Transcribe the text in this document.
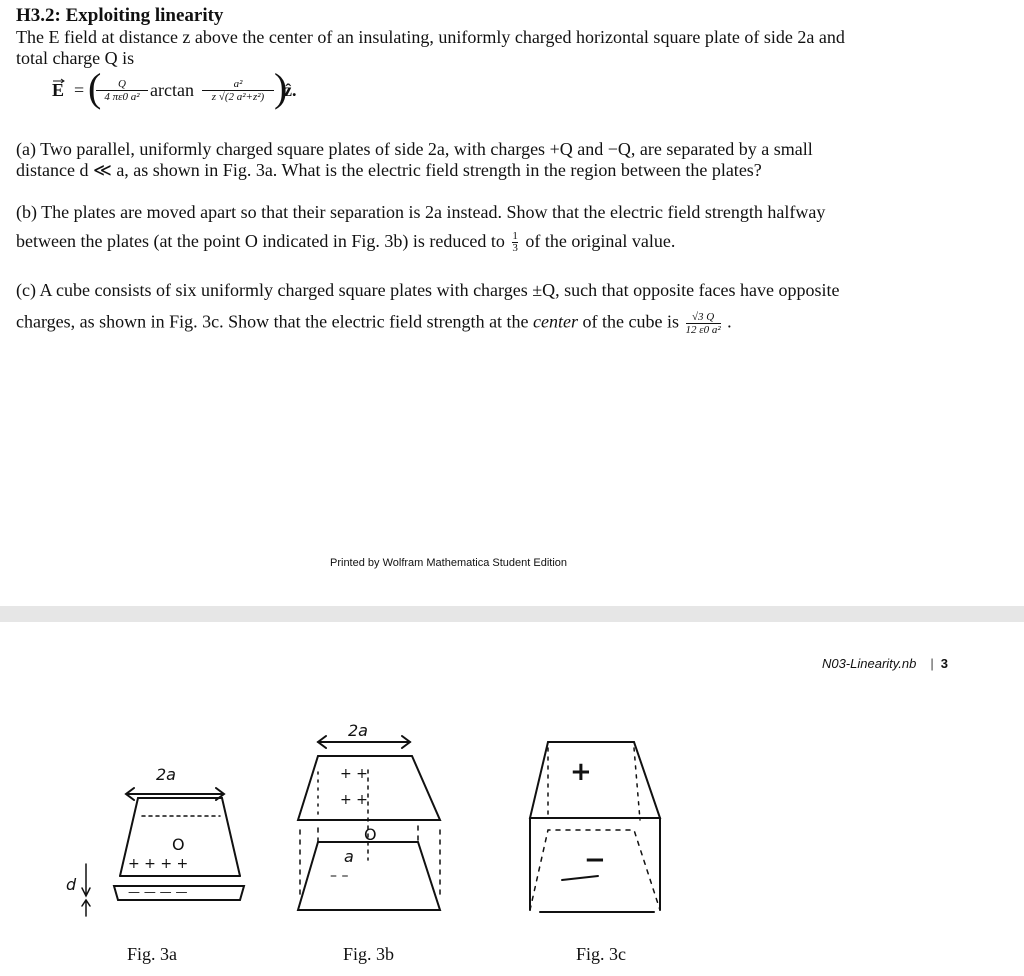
H3.2: Exploiting linearity

The E field at distance z above the center of an insulating, uniformly charged horizontal square plate of side 2a and

total charge Q is

E = (
$\frac{Q}{\text{4 πε0 a²}}$ $\arctan \frac{\text{a²}}{\text{z √(2 a²+z²)}}$ )
ẑ.
(a) Two parallel, uniformly charged square plates of side 2a, with charges +Q and −Q, are separated by a small
distance d ≪ a, as shown in Fig. 3a. What is the electric field strength in the region between the plates?
(b) The plates are moved apart so that their separation is 2a instead. Show that the electric field strength halfway
between the plates (at the point O indicated in Fig. 3b) is reduced to $\frac{1}{3}$ of the original value.
(c) A cube consists of six uniformly charged square plates with charges ±Q, such that opposite faces have opposite
charges, as shown in Fig. 3c. Show that the electric field strength at the center of the cube is $\frac{√3 Q}{\text{12 ε0 a²}}$ .
Printed by Wolfram Mathematica Student Edition
N03-Linearity.nb | 3
2a
O
+ + + +
— — — —
d
2a
+ +
+ +
O
a
– –
+
−
Fig. 3a	Fig. 3b	Fig. 3c
